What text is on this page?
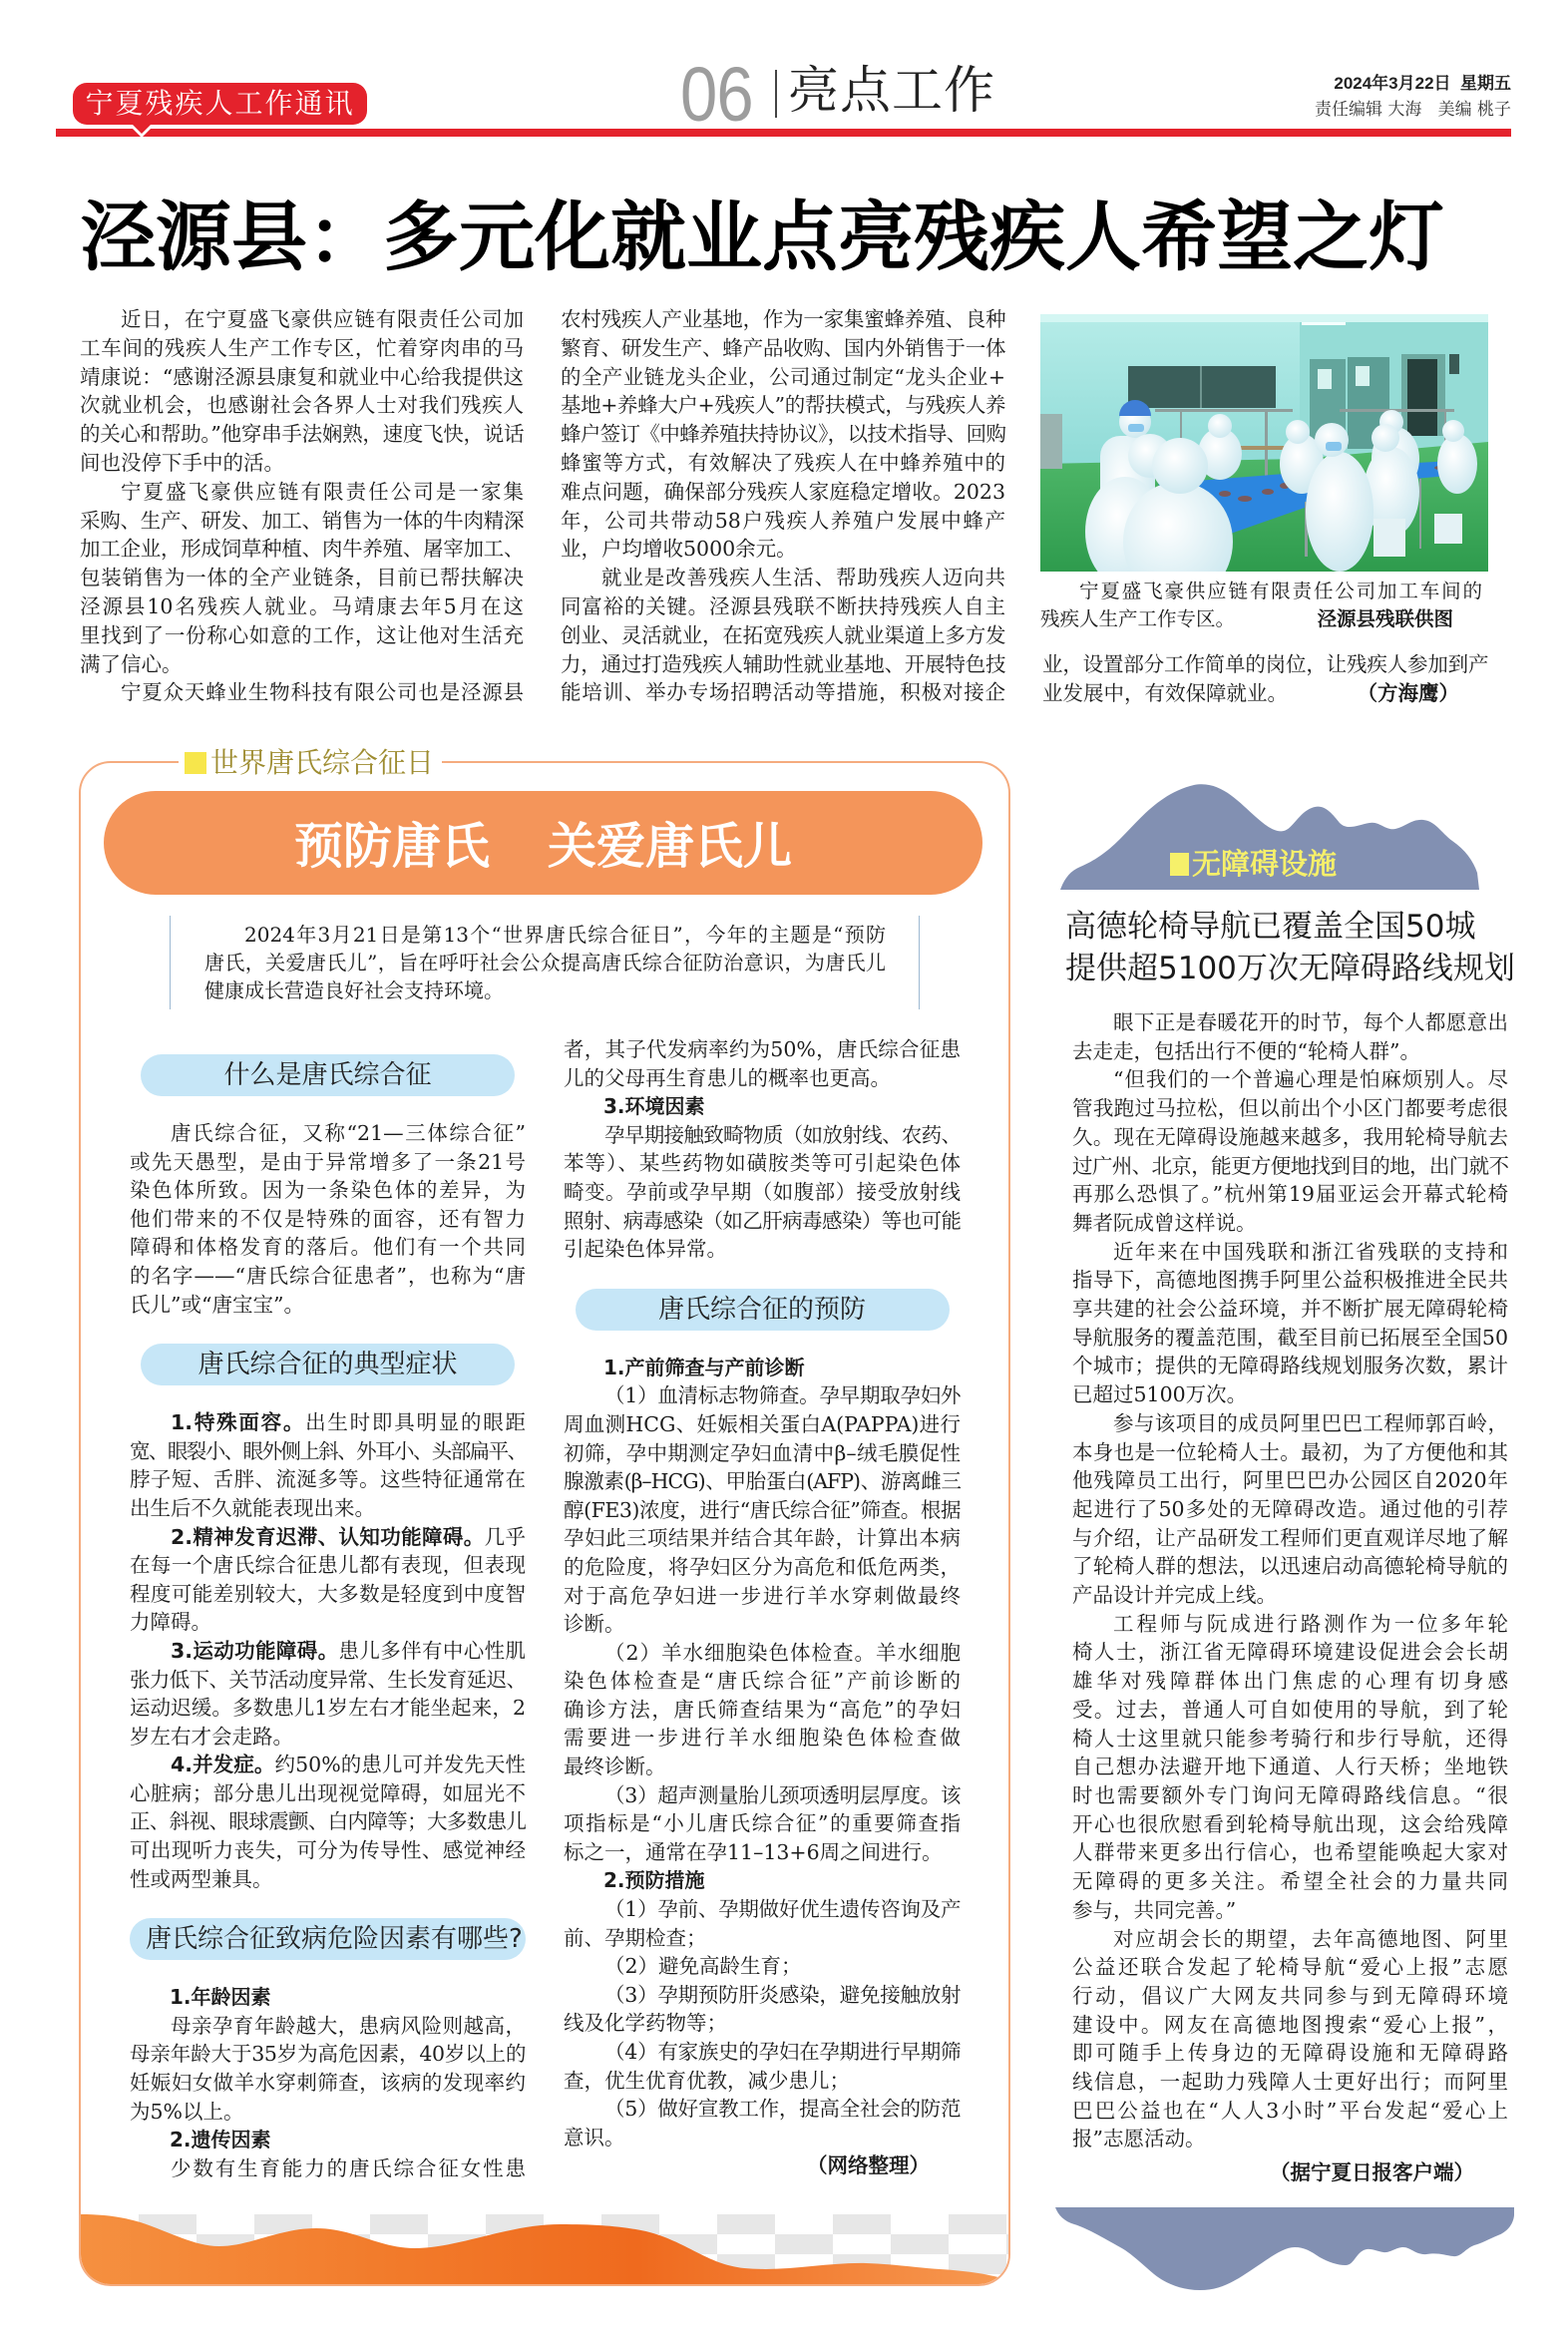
宁夏残疾人工作通讯	06 亮点工作	2024年3月22日  星期五
责任编辑 大海   美编 桃子
泾源县：多元化就业点亮残疾人希望之灯
近日，在宁夏盛飞豪供应链有限责任公司加
工车间的残疾人生产工作专区，忙着穿肉串的马
靖康说：“感谢泾源县康复和就业中心给我提供这
次就业机会，也感谢社会各界人士对我们残疾人
的关心和帮助。”他穿串手法娴熟，速度飞快，说话
间也没停下手中的活。
宁夏盛飞豪供应链有限责任公司是一家集
采购、生产、研发、加工、销售为一体的牛肉精深
加工企业，形成饲草种植、肉牛养殖、屠宰加工、
包装销售为一体的全产业链条，目前已帮扶解决
泾源县10名残疾人就业。马靖康去年5月在这
里找到了一份称心如意的工作，这让他对生活充
满了信心。
宁夏众天蜂业生物科技有限公司也是泾源县
农村残疾人产业基地，作为一家集蜜蜂养殖、良种
繁育、研发生产、蜂产品收购、国内外销售于一体
的全产业链龙头企业，公司通过制定“龙头企业+
基地+养蜂大户+残疾人”的帮扶模式，与残疾人养
蜂户签订《中蜂养殖扶持协议》，以技术指导、回购
蜂蜜等方式，有效解决了残疾人在中蜂养殖中的
难点问题，确保部分残疾人家庭稳定增收。2023
年，公司共带动58户残疾人养殖户发展中蜂产
业，户均增收5000余元。
就业是改善残疾人生活、帮助残疾人迈向共
同富裕的关键。泾源县残联不断扶持残疾人自主
创业、灵活就业，在拓宽残疾人就业渠道上多方发
力，通过打造残疾人辅助性就业基地、开展特色技
能培训、举办专场招聘活动等措施，积极对接企
宁夏盛飞豪供应链有限责任公司加工车间的
残疾人生产工作专区。	泾源县残联供图
业，设置部分工作简单的岗位，让残疾人参加到产
业发展中，有效保障就业。	（方海鹰）
世界唐氏综合征日
预防唐氏 关爱唐氏儿
2024年3月21日是第13个“世界唐氏综合征日”，今年的主题是“预防
唐氏，关爱唐氏儿”，旨在呼吁社会公众提高唐氏综合征防治意识，为唐氏儿
健康成长营造良好社会支持环境。
什么是唐氏综合征
唐氏综合征，又称“21—三体综合征”
或先天愚型，是由于异常增多了一条21号
染色体所致。因为一条染色体的差异，为
他们带来的不仅是特殊的面容，还有智力
障碍和体格发育的落后。他们有一个共同
的名字——“唐氏综合征患者”，也称为“唐
氏儿”或“唐宝宝”。
唐氏综合征的典型症状
1.特殊面容。出生时即具明显的眼距
宽、眼裂小、眼外侧上斜、外耳小、头部扁平、
脖子短、舌胖、流涎多等。这些特征通常在
出生后不久就能表现出来。
2.精神发育迟滞、认知功能障碍。几乎
在每一个唐氏综合征患儿都有表现，但表现
程度可能差别较大，大多数是轻度到中度智
力障碍。
3.运动功能障碍。患儿多伴有中心性肌
张力低下、关节活动度异常、生长发育延迟、
运动迟缓。多数患儿1岁左右才能坐起来，2
岁左右才会走路。
4.并发症。约50%的患儿可并发先天性
心脏病；部分患儿出现视觉障碍，如屈光不
正、斜视、眼球震颤、白内障等；大多数患儿
可出现听力丧失，可分为传导性、感觉神经
性或两型兼具。
唐氏综合征致病危险因素有哪些?
1.年龄因素
母亲孕育年龄越大，患病风险则越高，
母亲年龄大于35岁为高危因素，40岁以上的
妊娠妇女做羊水穿刺筛查，该病的发现率约
为5%以上。
2.遗传因素
少数有生育能力的唐氏综合征女性患
者，其子代发病率约为50%，唐氏综合征患
儿的父母再生育患儿的概率也更高。
3.环境因素
孕早期接触致畸物质（如放射线、农药、
苯等）、某些药物如磺胺类等可引起染色体
畸变。孕前或孕早期（如腹部）接受放射线
照射、病毒感染（如乙肝病毒感染）等也可能
引起染色体异常。
唐氏综合征的预防
1.产前筛查与产前诊断
（1）血清标志物筛查。孕早期取孕妇外
周血测HCG、妊娠相关蛋白A(PAPPA)进行
初筛，孕中期测定孕妇血清中β–绒毛膜促性
腺激素(β–HCG)、甲胎蛋白(AFP)、游离雌三
醇(FE3)浓度，进行“唐氏综合征”筛查。根据
孕妇此三项结果并结合其年龄，计算出本病
的危险度，将孕妇区分为高危和低危两类，
对于高危孕妇进一步进行羊水穿刺做最终
诊断。
（2）羊水细胞染色体检查。羊水细胞
染色体检查是“唐氏综合征”产前诊断的
确诊方法，唐氏筛查结果为“高危”的孕妇
需要进一步进行羊水细胞染色体检查做
最终诊断。
（3）超声测量胎儿颈项透明层厚度。该
项指标是“小儿唐氏综合征”的重要筛查指
标之一，通常在孕11–13+6周之间进行。
2.预防措施
（1）孕前、孕期做好优生遗传咨询及产
前、孕期检查；
（2）避免高龄生育；
（3）孕期预防肝炎感染，避免接触放射
线及化学药物等；
（4）有家族史的孕妇在孕期进行早期筛
查，优生优育优教，减少患儿；
（5）做好宣教工作，提高全社会的防范
意识。
（网络整理）
无障碍设施
高德轮椅导航已覆盖全国50城
提供超5100万次无障碍路线规划
眼下正是春暖花开的时节，每个人都愿意出
去走走，包括出行不便的“轮椅人群”。
“但我们的一个普遍心理是怕麻烦别人。尽
管我跑过马拉松，但以前出个小区门都要考虑很
久。现在无障碍设施越来越多，我用轮椅导航去
过广州、北京，能更方便地找到目的地，出门就不
再那么恐惧了。”杭州第19届亚运会开幕式轮椅
舞者阮成曾这样说。
近年来在中国残联和浙江省残联的支持和
指导下，高德地图携手阿里公益积极推进全民共
享共建的社会公益环境，并不断扩展无障碍轮椅
导航服务的覆盖范围，截至目前已拓展至全国50
个城市；提供的无障碍路线规划服务次数，累计
已超过5100万次。
参与该项目的成员阿里巴巴工程师郭百岭，
本身也是一位轮椅人士。最初，为了方便他和其
他残障员工出行，阿里巴巴办公园区自2020年
起进行了50多处的无障碍改造。通过他的引荐
与介绍，让产品研发工程师们更直观详尽地了解
了轮椅人群的想法，以迅速启动高德轮椅导航的
产品设计并完成上线。
工程师与阮成进行路测作为一位多年轮
椅人士，浙江省无障碍环境建设促进会会长胡
雄华对残障群体出门焦虑的心理有切身感
受。过去，普通人可自如使用的导航，到了轮
椅人士这里就只能参考骑行和步行导航，还得
自己想办法避开地下通道、人行天桥；坐地铁
时也需要额外专门询问无障碍路线信息。“很
开心也很欣慰看到轮椅导航出现，这会给残障
人群带来更多出行信心，也希望能唤起大家对
无障碍的更多关注。希望全社会的力量共同
参与，共同完善。”
对应胡会长的期望，去年高德地图、阿里
公益还联合发起了轮椅导航“爱心上报”志愿
行动，倡议广大网友共同参与到无障碍环境
建设中。网友在高德地图搜索“爱心上报”，
即可随手上传身边的无障碍设施和无障碍路
线信息，一起助力残障人士更好出行；而阿里
巴巴公益也在“人人3小时”平台发起“爱心上
报”志愿活动。
（据宁夏日报客户端）
